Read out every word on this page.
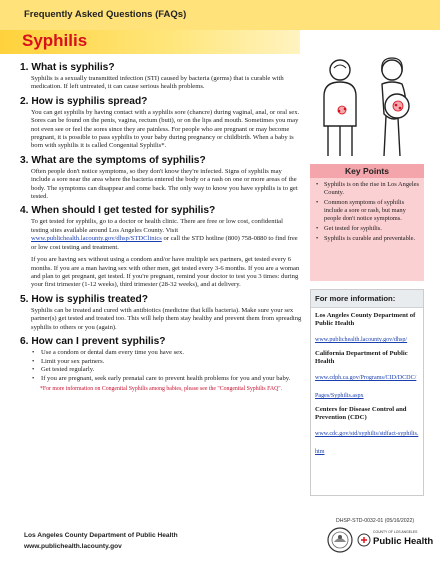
Frequently Asked Questions (FAQs)
Syphilis
1. What is syphilis?

Syphilis is a sexually transmitted infection (STI) caused by bacteria (germs) that is curable with medication. If left untreated, it can cause serious health problems.

2. How is syphilis spread?

You can get syphilis by having contact with a syphilis sore (chancre) during vaginal, anal, or oral sex. Sores can be found on the penis, vagina, rectum (butt), or on the lips and mouth. Sometimes you may not even see or feel the sores since they are painless. For people who are pregnant or may become pregnant, it is possible to pass syphilis to your baby during pregnancy or childbirth. When a baby is born with syphilis it is called Congenital Syphilis*.

3. What are the symptoms of syphilis?

Often people don't notice symptoms, so they don't know they're infected. Signs of syphilis may include a sore near the area where the bacteria entered the body or a rash on one or more areas of the body. The symptoms can disappear and come back. The only way to know you have syphilis is to get tested.

4. When should I get tested for syphilis?

To get tested for syphilis, go to a doctor or health clinic. There are free or low cost, confidential testing sites available around Los Angeles County. Visit www.publichealth.lacounty.gov/dhsp/STDClinics or call the STD hotline (800) 758-0880 to find free or low cost testing and treatment.

If you are having sex without using a condom and/or have multiple sex partners, get tested every 6 months. If you are a man having sex with other men, get tested every 3-6 months. If you are a woman and plan to get pregnant, get tested. If you're pregnant, remind your doctor to test you 3 times: during your first trimester (1-12 weeks), third trimester (28-32 weeks), and at delivery.

5. How is syphilis treated?

Syphilis can be treated and cured with antibiotics (medicine that kills bacteria). Make sure your sex partner(s) get tested and treated too. This will help them stay healthy and prevent them from spreading syphilis to others or you (again).

6. How can I prevent syphilis?
• Use a condom or dental dam every time you have sex.
• Limit your sex partners.
• Get tested regularly.
• If you are pregnant, seek early prenatal care to prevent health problems for you and your baby.

*For more information on Congenital Syphilis among babies, please see the "Congenital Syphilis FAQ".

Key Points
• Syphilis is on the rise in Los Angeles County.
• Common symptoms of syphilis include a sore or rash, but many people don't notice symptoms.
• Get tested for syphilis.
• Syphilis is curable and preventable.
For more information:
Los Angeles County Department of Public Health
www.publichealth.lacounty.gov/dhsp/
California Department of Public Health
www.cdph.ca.gov/Programs/CID/DCDC/Pages/Syphilis.aspx
Centers for Disease Control and Prevention (CDC)
www.cdc.gov/std/syphilis/stdfact-syphilis.htm
DHSP-STD-0032-01 (05/16/2022)
Los Angeles County Department of Public Health
www.publichealth.lacounty.gov
COUNTY OF LOS ANGELES
Public Health
